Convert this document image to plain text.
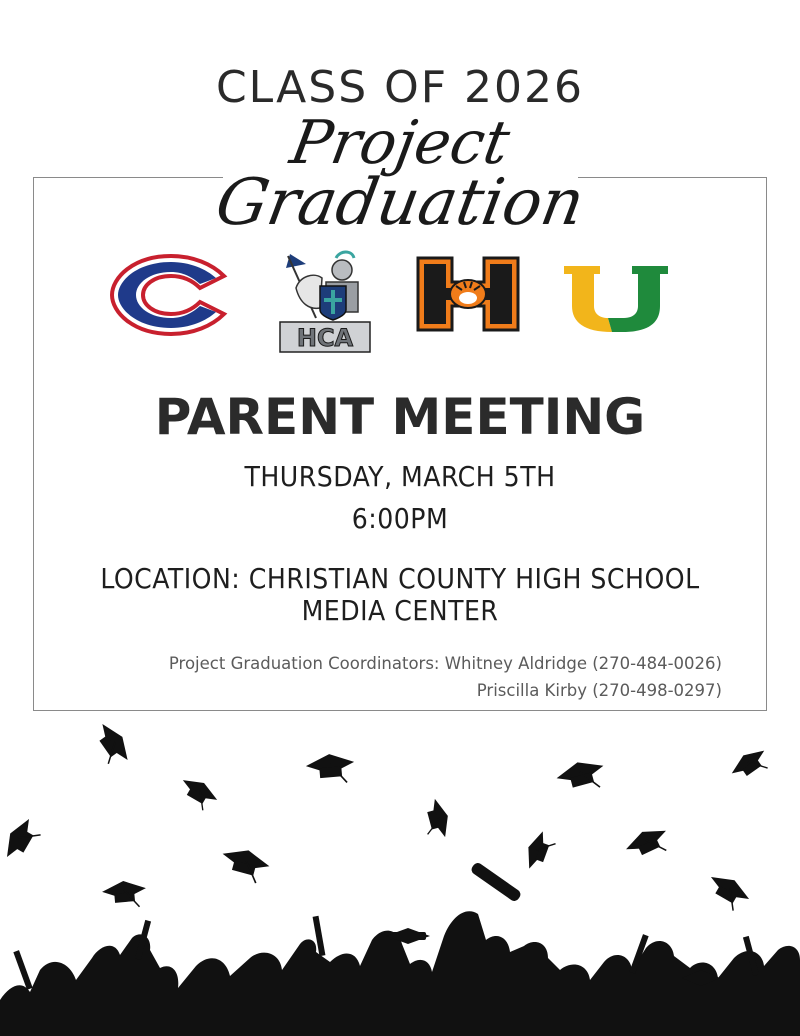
CLASS OF 2026
Project
Graduation
HCA
PARENT MEETING
THURSDAY, MARCH 5TH
6:00PM
LOCATION: CHRISTIAN COUNTY HIGH SCHOOL
MEDIA CENTER
Project Graduation Coordinators: Whitney Aldridge (270-484-0026)
Priscilla Kirby (270-498-0297)
